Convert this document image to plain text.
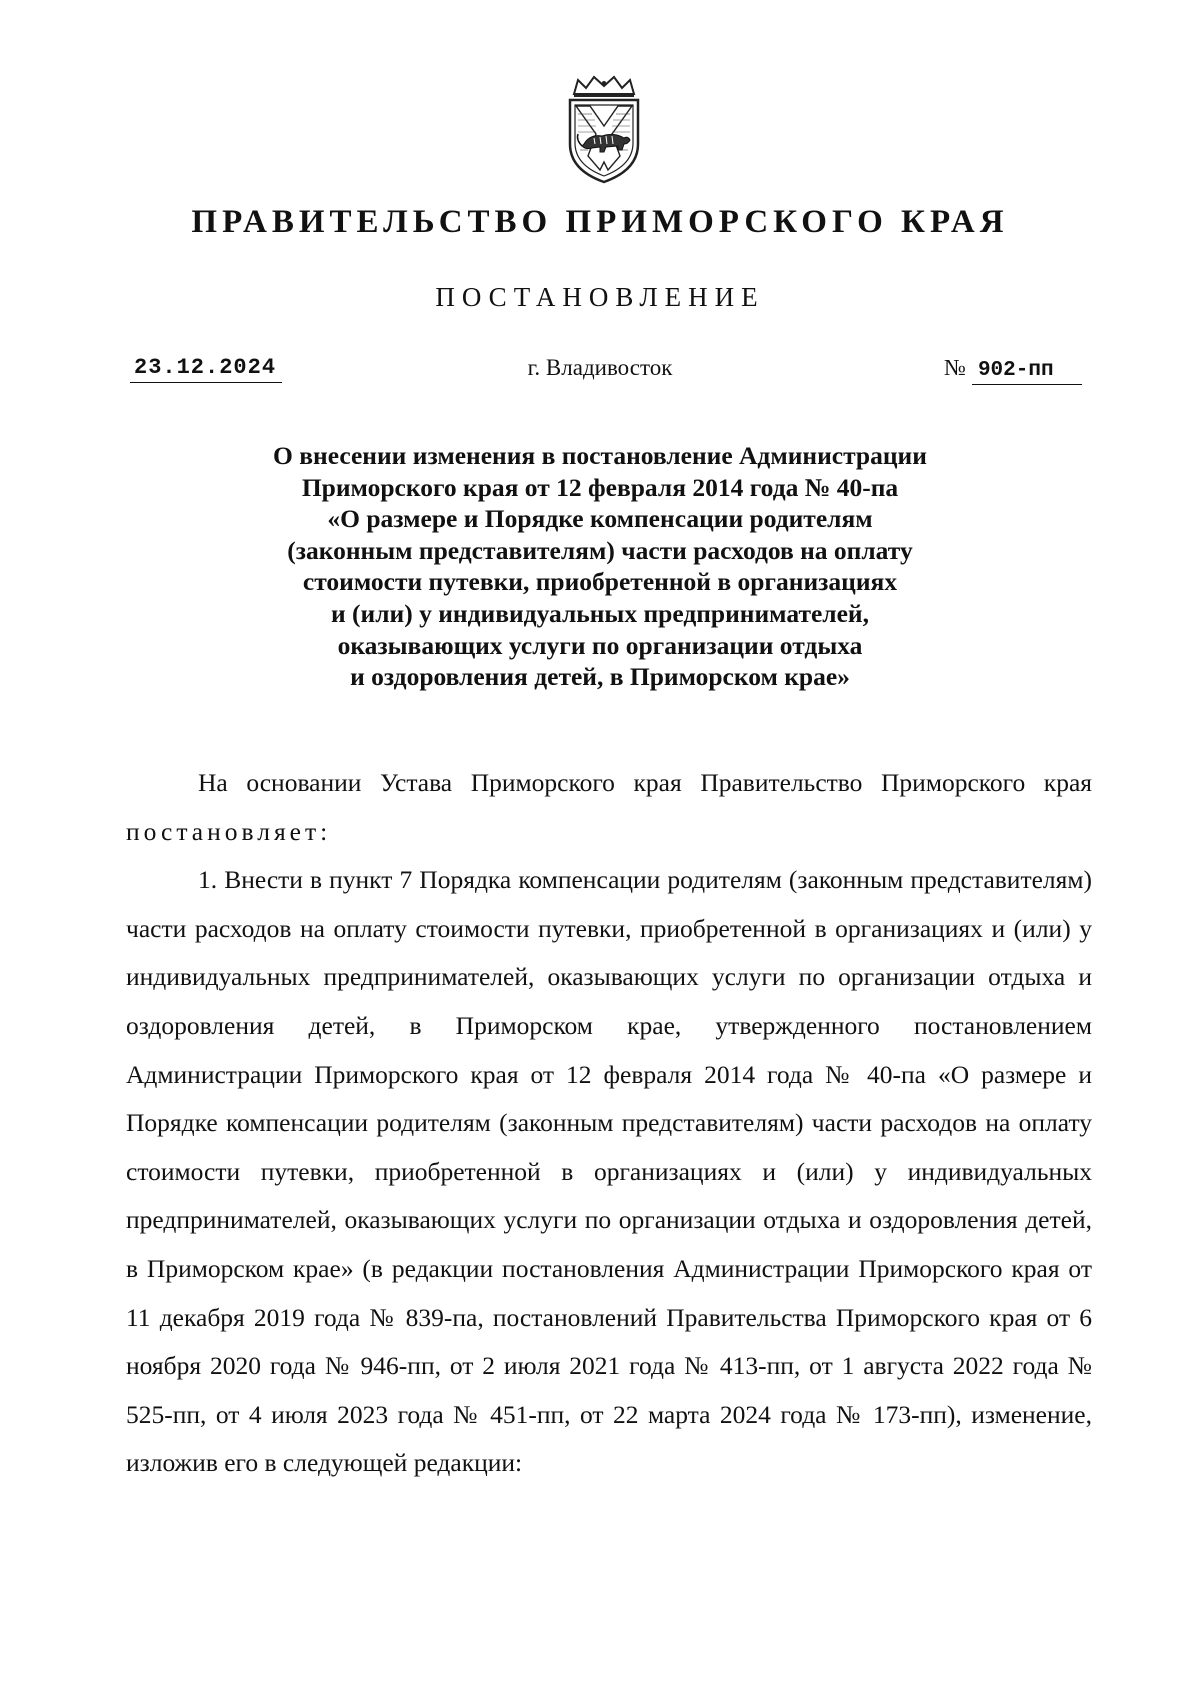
ПРАВИТЕЛЬСТВО ПРИМОРСКОГО КРАЯ
ПОСТАНОВЛЕНИЕ
23.12.2024	г. Владивосток	№ 902-пп
О внесении изменения в постановление Администрации
Приморского края от 12 февраля 2014 года № 40-па
«О размере и Порядке компенсации родителям
(законным представителям) части расходов на оплату
стоимости путевки, приобретенной в организациях
и (или) у индивидуальных предпринимателей,
оказывающих услуги по организации отдыха
и оздоровления детей, в Приморском крае»

На основании Устава Приморского края Правительство Приморского края постановляет:

1. Внести в пункт 7 Порядка компенсации родителям (законным представителям) части расходов на оплату стоимости путевки, приобретенной в организациях и (или) у индивидуальных предпринимателей, оказывающих услуги по организации отдыха и оздоровления детей, в Приморском крае, утвержденного постановлением Администрации Приморского края от 12 февраля 2014 года № 40-па «О размере и Порядке компенсации родителям (законным представителям) части расходов на оплату стоимости путевки, приобретенной в организациях и (или) у индивидуальных предпринимателей, оказывающих услуги по организации отдыха и оздоровления детей, в Приморском крае» (в редакции постановления Администрации Приморского края от 11 декабря 2019 года № 839-па, постановлений Правительства Приморского края от 6 ноября 2020 года № 946-пп, от 2 июля 2021 года № 413-пп, от 1 августа 2022 года № 525-пп, от 4 июля 2023 года № 451-пп, от 22 марта 2024 года № 173-пп), изменение, изложив его в следующей редакции:
